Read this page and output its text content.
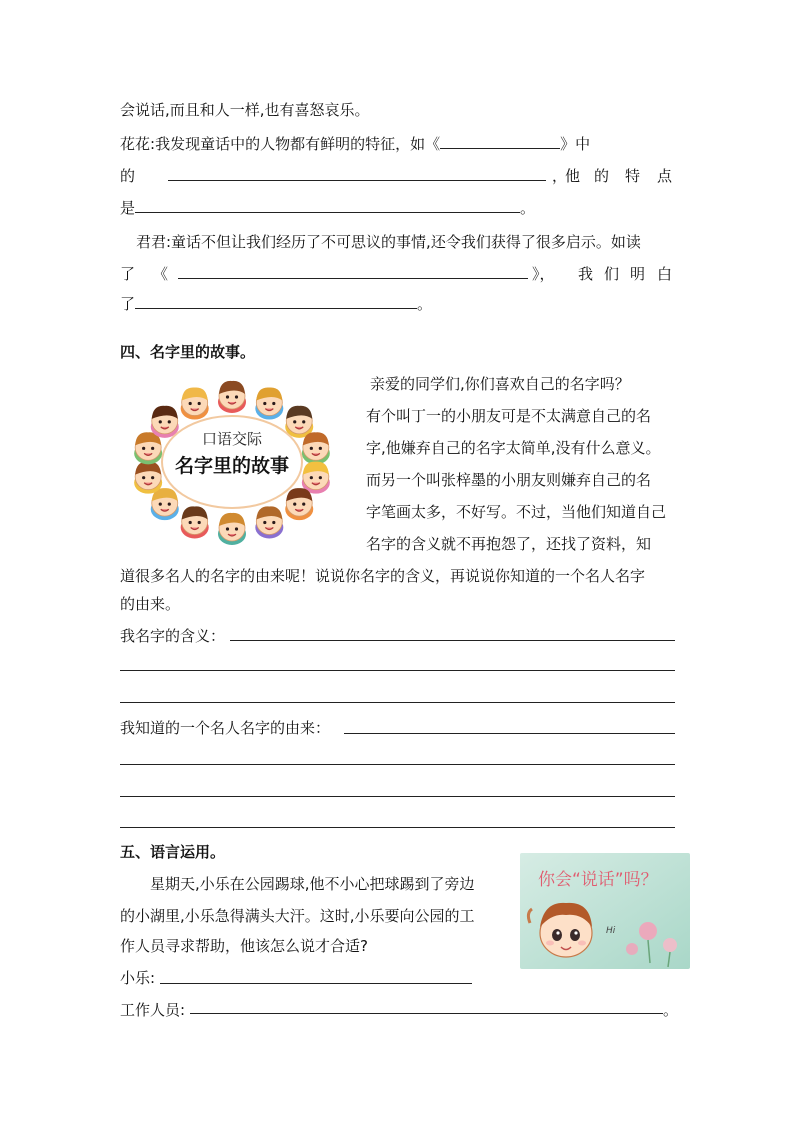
会说话,而且和人一样,也有喜怒哀乐。
花花:我发现童话中的人物都有鲜明的特征，如《	》中
的	，
他 的 特 点
是	。
君君:童话不但让我们经历了不可思议的事情,还令我们获得了很多启示。如读
了 《	》， 我 们 明 白
了	。
四、名字里的故事。
口语交际
名字里的故事
亲爱的同学们,你们喜欢自己的名字吗？
有个叫丁一的小朋友可是不太满意自己的名
字,他嫌弃自己的名字太简单,没有什么意义。
而另一个叫张梓墨的小朋友则嫌弃自己的名
字笔画太多，不好写。不过，当他们知道自己
名字的含义就不再抱怨了，还找了资料，知
道很多名人的名字的由来呢！说说你名字的含义，再说说你知道的一个名人名字
的由来。
我名字的含义：
我知道的一个名人名字的由来：
五、语言运用。
星期天,小乐在公园踢球,他不小心把球踢到了旁边
的小湖里,小乐急得满头大汗。这时,小乐要向公园的工
作人员寻求帮助，他该怎么说才合适?
小乐:
工作人员:	。
你会“说话”吗？
Hi
